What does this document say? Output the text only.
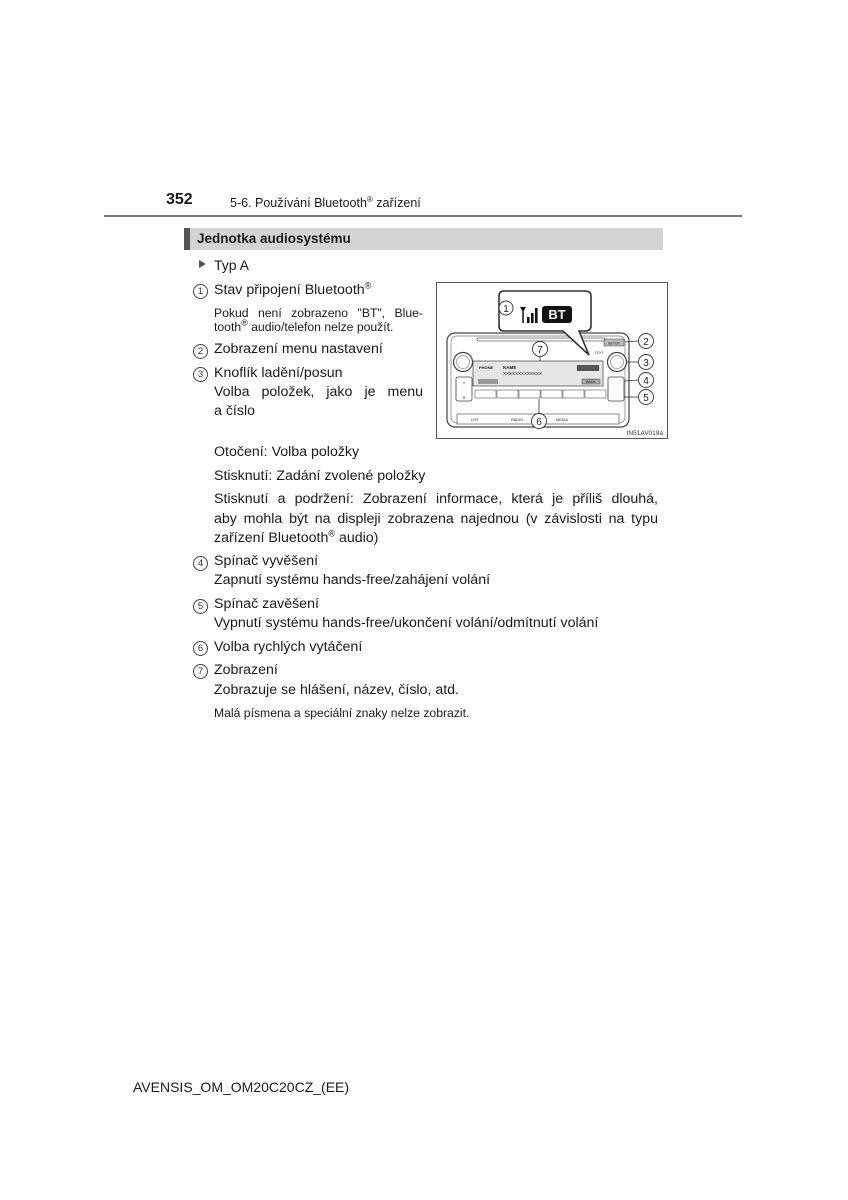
352	5-6. Používání Bluetooth® zařízení
Jednotka audiosystému
Typ A
1 Stav připojení Bluetooth®
Pokud není zobrazeno "BT", Blue-
tooth® audio/telefon nelze použít.
2 Zobrazení menu nastavení
3 Knoflík ladění/posun
Volba položek, jako je menu
a číslo
Otočení: Volba položky
Stisknutí: Zadání zvolené položky
Stisknutí a podržení: Zobrazení informace, která je příliš dlouhá,
aby mohla být na displeji zobrazena najednou (v závislosti na typu
zařízení Bluetooth® audio)
4 Spínač vyvěšení
Zapnutí systému hands-free/zahájení volání
5 Spínač zavěšení
Vypnutí systému hands-free/ukončení volání/odmítnutí volání
6 Volba rychlých vytáčení
7 Zobrazení
Zobrazuje se hlášení, název, číslo, atd.
Malá písmena a speciální znaky nelze zobrazit.
SETUP
TEXT
PHONE NAME
XXXXXXXXXXXXX
BACK
^
v
LIST	RADIO	MEDIA
BT
1
2
3
4
5
6
7
IN51AV019a
AVENSIS_OM_OM20C20CZ_(EE)
